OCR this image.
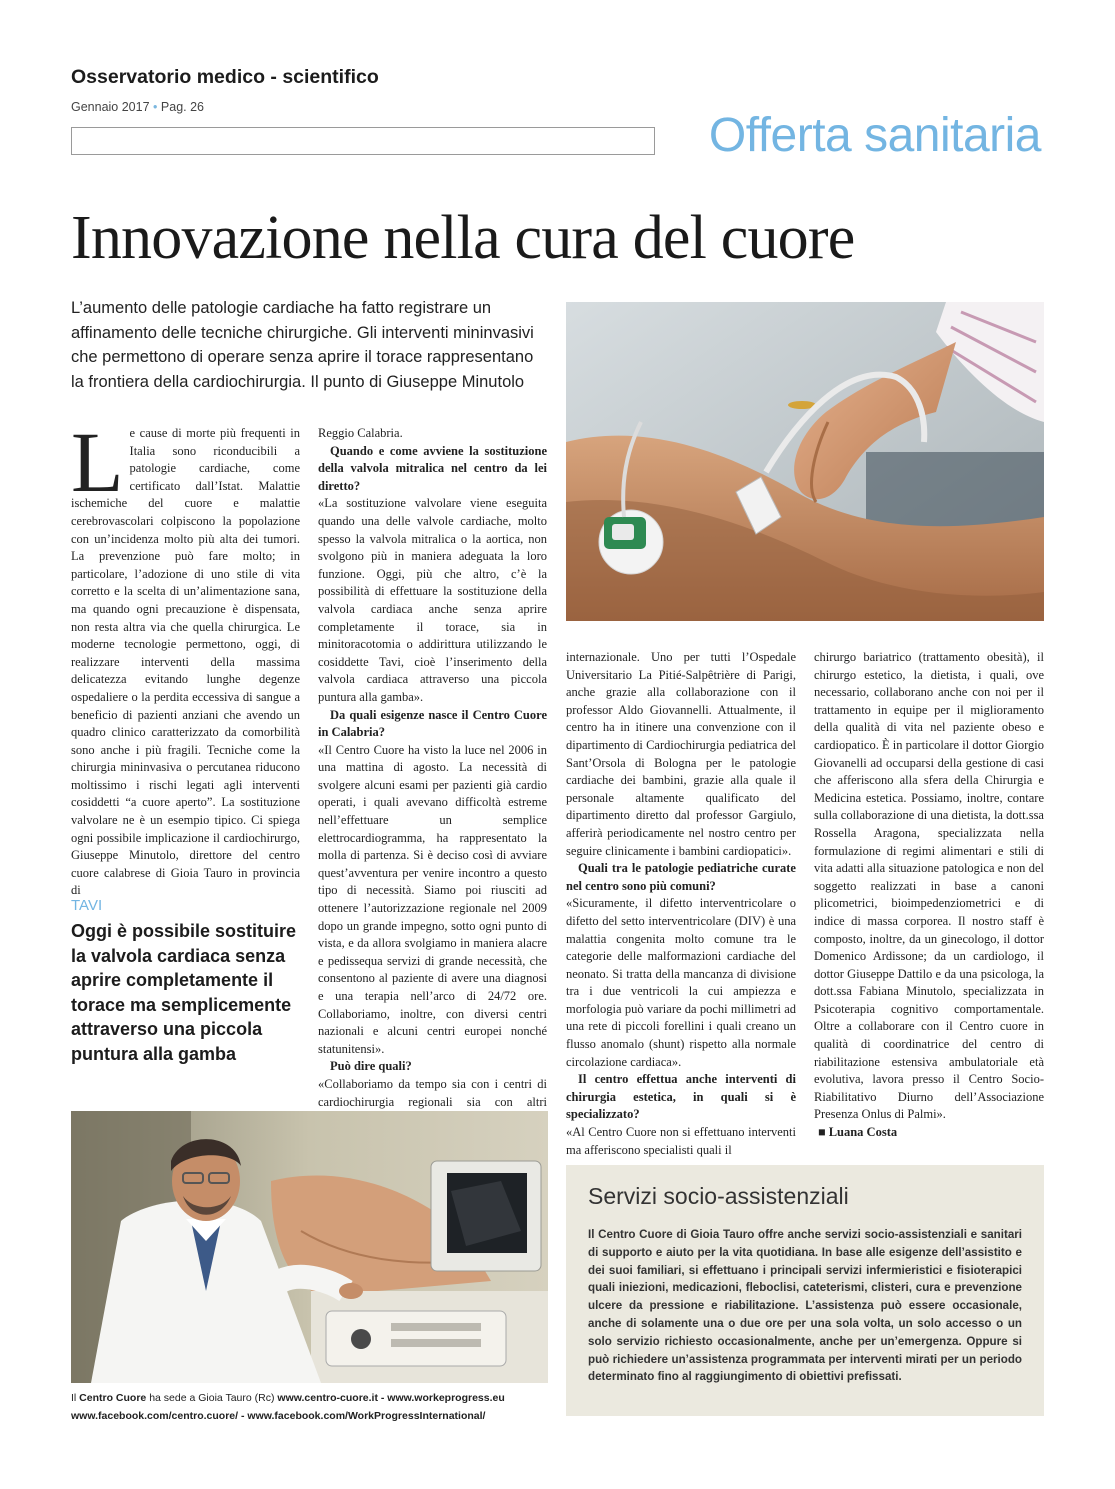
Osservatorio medico - scientifico
Gennaio 2017 • Pag. 26
Offerta sanitaria
Innovazione nella cura del cuore
L’aumento delle patologie cardiache ha fatto registrare un affinamento delle tecniche chirurgiche. Gli interventi mininvasivi che permettono di operare senza aprire il torace rappresentano la frontiera della cardiochirurgia. Il punto di Giuseppe Minutolo

Le cause di morte più frequenti in Italia sono riconducibili a patologie cardiache, come certificato dall’Istat. Malattie ischemiche del cuore e malattie cerebrovascolari colpiscono la popolazione con un’incidenza molto più alta dei tumori. La prevenzione può fare molto; in particolare, l’adozione di uno stile di vita corretto e la scelta di un’alimentazione sana, ma quando ogni precauzione è dispensata, non resta altra via che quella chirurgica. Le moderne tecnologie permettono, oggi, di realizzare interventi della massima delicatezza evitando lunghe degenze ospedaliere o la perdita eccessiva di sangue a beneficio di pazienti anziani che avendo un quadro clinico caratterizzato da comorbilità sono anche i più fragili. Tecniche come la chirurgia mininvasiva o percutanea riducono moltissimo i rischi legati agli interventi cosiddetti “a cuore aperto”. La sostituzione valvolare ne è un esempio tipico. Ci spiega ogni possibile implicazione il cardiochirurgo, Giuseppe Minutolo, direttore del centro cuore calabrese di Gioia Tauro in provincia di

TAVI
Oggi è possibile sostituire la valvola cardiaca senza aprire completamente il torace ma semplicemente attraverso una piccola puntura alla gamba

Reggio Calabria.

Quando e come avviene la sostituzione della valvola mitralica nel centro da lei diretto?

«La sostituzione valvolare viene eseguita quando una delle valvole cardiache, molto spesso la valvola mitralica o la aortica, non svolgono più in maniera adeguata la loro funzione. Oggi, più che altro, c’è la possibilità di effettuare la sostituzione della valvola cardiaca anche senza aprire completamente il torace, sia in minitoracotomia o addirittura utilizzando le cosiddette Tavi, cioè l’inserimento della valvola cardiaca attraverso una piccola puntura alla gamba».

Da quali esigenze nasce il Centro Cuore in Calabria?

«Il Centro Cuore ha visto la luce nel 2006 in una mattina di agosto. La necessità di svolgere alcuni esami per pazienti già cardio operati, i quali avevano difficoltà estreme nell’effettuare un semplice elettrocardiogramma, ha rappresentato la molla di partenza. Si è deciso così di avviare quest’avventura per venire incontro a questo tipo di necessità. Siamo poi riusciti ad ottenere l’autorizzazione regionale nel 2009 dopo un grande impegno, sotto ogni punto di vista, e da allora svolgiamo in maniera alacre e pedissequa servizi di grande necessità, che consentono al paziente di avere una diagnosi e una terapia nell’arco di 24/72 ore. Collaboriamo, inoltre, con diversi centri nazionali e alcuni centri europei nonché statunitensi».

Può dire quali?

«Collaboriamo da tempo sia con i centri di cardiochirurgia regionali sia con altri

internazionale. Uno per tutti l’Ospedale Universitario La Pitié-Salpêtrière di Parigi, anche grazie alla collaborazione con il professor Aldo Giovannelli. Attualmente, il centro ha in itinere una convenzione con il dipartimento di Cardiochirurgia pediatrica del Sant’Orsola di Bologna per le patologie cardiache dei bambini, grazie alla quale il personale altamente qualificato del dipartimento diretto dal professor Gargiulo, afferirà periodicamente nel nostro centro per seguire clinicamente i bambini cardiopatici».

Quali tra le patologie pediatriche curate nel centro sono più comuni?

«Sicuramente, il difetto interventricolare o difetto del setto interventricolare (DIV) è una malattia congenita molto comune tra le categorie delle malformazioni cardiache del neonato. Si tratta della mancanza di divisione tra i due ventricoli la cui ampiezza e morfologia può variare da pochi millimetri ad una rete di piccoli forellini i quali creano un flusso anomalo (shunt) rispetto alla normale circolazione cardiaca».

Il centro effettua anche interventi di chirurgia estetica, in quali si è specializzato?

«Al Centro Cuore non si effettuano interventi ma afferiscono specialisti quali il

chirurgo bariatrico (trattamento obesità), il chirurgo estetico, la dietista, i quali, ove necessario, collaborano anche con noi per il trattamento in equipe per il miglioramento della qualità di vita nel paziente obeso e cardiopatico. È in particolare il dottor Giorgio Giovanelli ad occuparsi della gestione di casi che afferiscono alla sfera della Chirurgia e Medicina estetica. Possiamo, inoltre, contare sulla collaborazione di una dietista, la dott.ssa Rossella Aragona, specializzata nella formulazione di regimi alimentari e stili di vita adatti alla situazione patologica e non del soggetto realizzati in base a canoni plicometrici, bioimpedenziometrici e di indice di massa corporea. Il nostro staff è composto, inoltre, da un ginecologo, il dottor Domenico Ardissone; da un cardiologo, il dottor Giuseppe Dattilo e da una psicologa, la dott.ssa Fabiana Minutolo, specializzata in Psicoterapia cognitivo comportamentale. Oltre a collaborare con il Centro cuore in qualità di coordinatrice del centro di riabilitazione estensiva ambulatoriale età evolutiva, lavora presso il Centro Socio-Riabilitativo Diurno dell’Associazione Presenza Onlus di Palmi».

■ Luana Costa

Il Centro Cuore ha sede a Gioia Tauro (Rc) www.centro-cuore.it - www.workeprogress.eu
www.facebook.com/centro.cuore/ - www.facebook.com/WorkProgressInternational/
Servizi socio-assistenziali
Il Centro Cuore di Gioia Tauro offre anche servizi socio-assistenziali e sanitari di supporto e aiuto per la vita quotidiana. In base alle esigenze dell’assistito e dei suoi familiari, si effettuano i principali servizi infermieristici e fisioterapici quali iniezioni, medicazioni, fleboclisi, cateterismi, clisteri, cura e prevenzione ulcere da pressione e riabilitazione. L’assistenza può essere occasionale, anche di solamente una o due ore per una sola volta, un solo accesso o un solo servizio richiesto occasionalmente, anche per un’emergenza. Oppure si può richiedere un’assistenza programmata per interventi mirati per un periodo determinato fino al raggiungimento di obiettivi prefissati.
